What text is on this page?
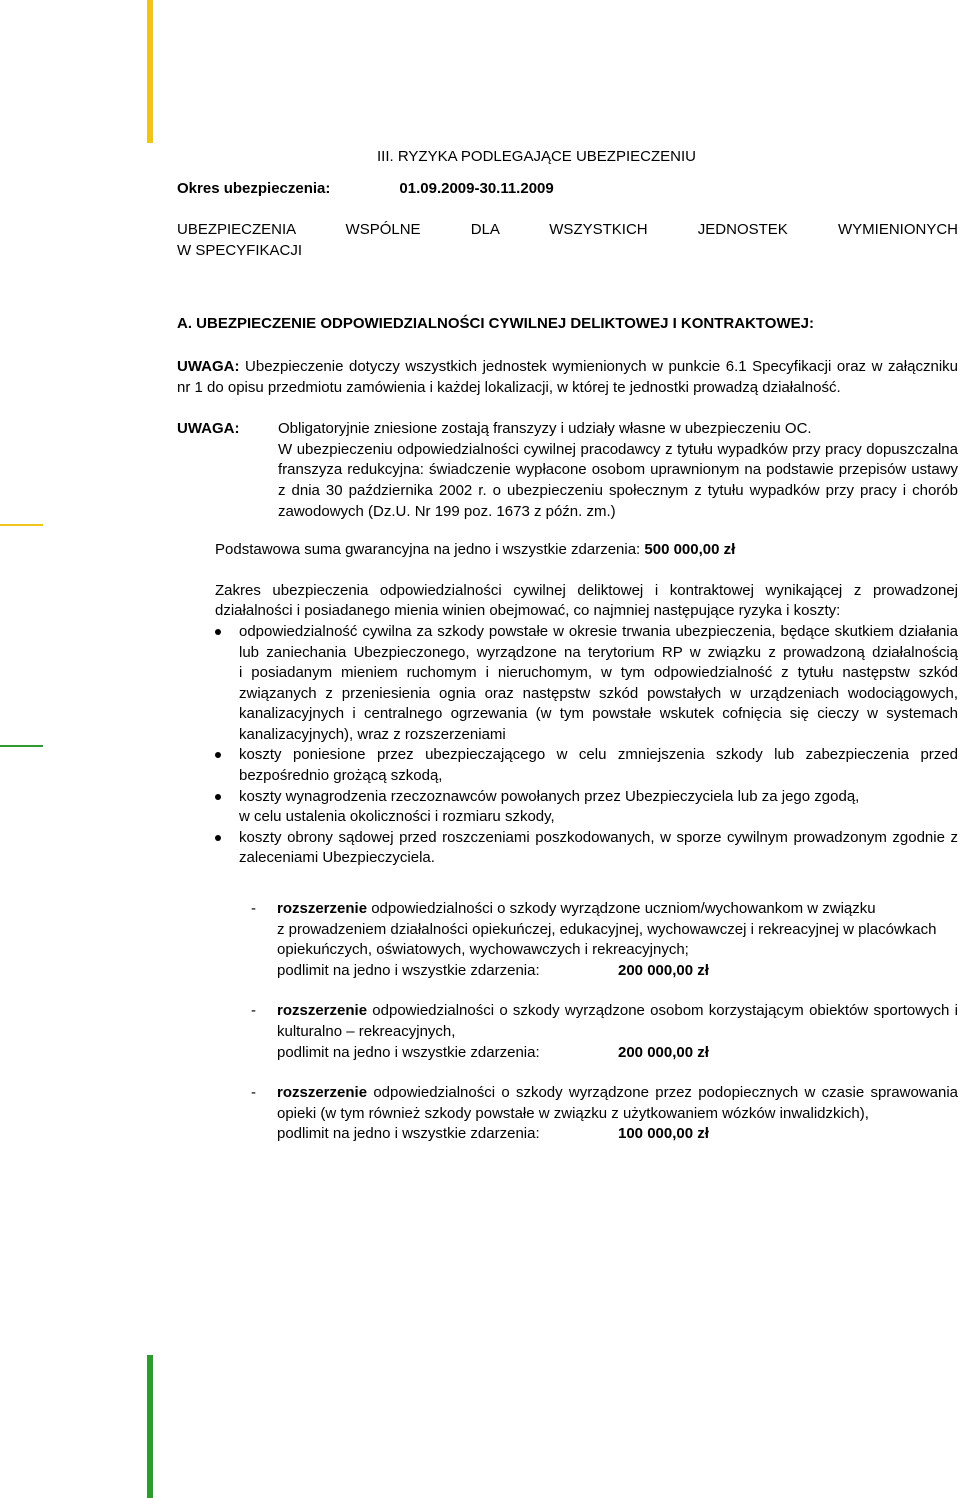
III. RYZYKA PODLEGAJĄCE UBEZPIECZENIU
Okres ubezpieczenia:	01.09.2009-30.11.2009
UBEZPIECZENIA WSPÓLNE DLA WSZYSTKICH JEDNOSTEK WYMIENIONYCH
W SPECYFIKACJI
A. UBEZPIECZENIE ODPOWIEDZIALNOŚCI CYWILNEJ DELIKTOWEJ I KONTRAKTOWEJ:
UWAGA: Ubezpieczenie dotyczy wszystkich jednostek wymienionych w punkcie 6.1 Specyfikacji oraz w załączniku nr 1 do opisu przedmiotu zamówienia i każdej lokalizacji, w której te jednostki prowadzą działalność.
UWAGA:	Obligatoryjnie zniesione zostają franszyzy i udziały własne w ubezpieczeniu OC.
W ubezpieczeniu odpowiedzialności cywilnej pracodawcy z tytułu wypadków przy pracy dopuszczalna franszyza redukcyjna: świadczenie wypłacone osobom uprawnionym na podstawie przepisów ustawy z dnia 30 października 2002 r. o ubezpieczeniu społecznym z tytułu wypadków przy pracy i chorób zawodowych (Dz.U. Nr 199 poz. 1673 z późn. zm.)
Podstawowa suma gwarancyjna na jedno i wszystkie zdarzenia: 500 000,00 zł
Zakres ubezpieczenia odpowiedzialności cywilnej deliktowej i kontraktowej wynikającej z prowadzonej działalności i posiadanego mienia winien obejmować, co najmniej następujące ryzyka i koszty:
odpowiedzialność cywilna za szkody powstałe w okresie trwania ubezpieczenia, będące skutkiem działania lub zaniechania Ubezpieczonego, wyrządzone na terytorium RP w związku z prowadzoną działalnością
i posiadanym mieniem ruchomym i nieruchomym, w tym odpowiedzialność z tytułu następstw szkód związanych z przeniesienia ognia oraz następstw szkód powstałych w urządzeniach wodociągowych, kanalizacyjnych i centralnego ogrzewania (w tym powstałe wskutek cofnięcia się cieczy w systemach kanalizacyjnych), wraz z rozszerzeniami
koszty poniesione przez ubezpieczającego w celu zmniejszenia szkody lub zabezpieczenia przed bezpośrednio grożącą szkodą,
koszty wynagrodzenia rzeczoznawców powołanych przez Ubezpieczyciela lub za jego zgodą,
w celu ustalenia okoliczności i rozmiaru szkody,
koszty obrony sądowej przed roszczeniami poszkodowanych, w sporze cywilnym prowadzonym zgodnie z zaleceniami Ubezpieczyciela.
-	rozszerzenie odpowiedzialności o szkody wyrządzone uczniom/wychowankom w związku
z prowadzeniem działalności opiekuńczej, edukacyjnej, wychowawczej i rekreacyjnej w placówkach opiekuńczych, oświatowych, wychowawczych i rekreacyjnych;
podlimit na jedno i wszystkie zdarzenia:	200 000,00 zł
-	rozszerzenie odpowiedzialności o szkody wyrządzone osobom korzystającym obiektów sportowych i kulturalno – rekreacyjnych,
podlimit na jedno i wszystkie zdarzenia:	200 000,00 zł
-	rozszerzenie odpowiedzialności o szkody wyrządzone przez podopiecznych w czasie sprawowania opieki (w tym również szkody powstałe w związku z użytkowaniem wózków inwalidzkich),
podlimit na jedno i wszystkie zdarzenia:	100 000,00 zł
